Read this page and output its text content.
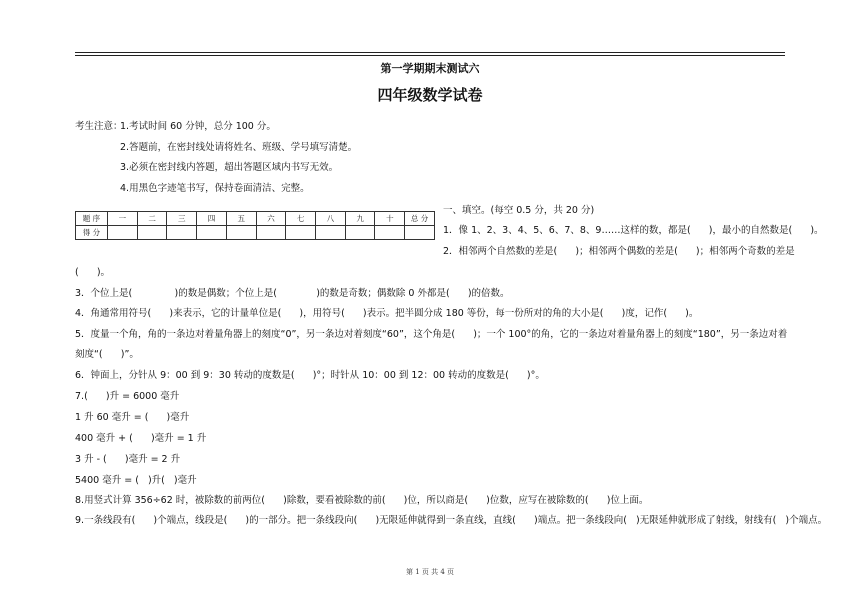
第一学期期末测试六
四年级数学试卷
考生注意：
1.考试时间 60 分钟，总分 100 分。
2.答题前，在密封线处请将姓名、班级、学号填写清楚。
3.必须在密封线内答题，超出答题区域内书写无效。
4.用黑色字迹笔书写，保持卷面清洁、完整。
题 序	一	二	三	四	五	六	七	八	九	十	总 分
得 分											
一、填空。(每空 0.5 分，共 20 分)
1．像 1、2、3、4、5、6、7、8、9……这样的数，都是(      )，最小的自然数是(      )。
2．相邻两个自然数的差是(      )；相邻两个偶数的差是(      )；相邻两个奇数的差是
(      )。
3．个位上是(              )的数是偶数；个位上是(             )的数是奇数；偶数除 0 外都是(      )的倍数。
4．角通常用符号(      )来表示，它的计量单位是(      )，用符号(      )表示。把半圆分成 180 等份，每一份所对的角的大小是(      )度，记作(      )。
5．度量一个角，角的一条边对着量角器上的刻度“0”，另一条边对着刻度“60”，这个角是(      )；一个 100°的角，它的一条边对着量角器上的刻度“180”，另一条边对着
刻度“(      )”。
6．钟面上，分针从 9：00 到 9：30 转动的度数是(      )°；时针从 10：00 到 12：00 转动的度数是(      )°。
7.(      )升 = 6000 毫升
1 升 60 毫升 = (      )毫升
400 毫升 + (      )毫升 = 1 升
3 升 - (      )毫升 = 2 升
5400 毫升 = (   )升(   )毫升
8.用竖式计算 356÷62 时，被除数的前两位(      )除数，要看被除数的前(      )位，所以商是(      )位数，应写在被除数的(      )位上面。
9.一条线段有(      )个端点，线段是(      )的一部分。把一条线段向(      )无限延伸就得到一条直线，直线(      )端点。把一条线段向(   )无限延伸就形成了射线，射线有(   )个端点。
第 1 页 共 4 页
